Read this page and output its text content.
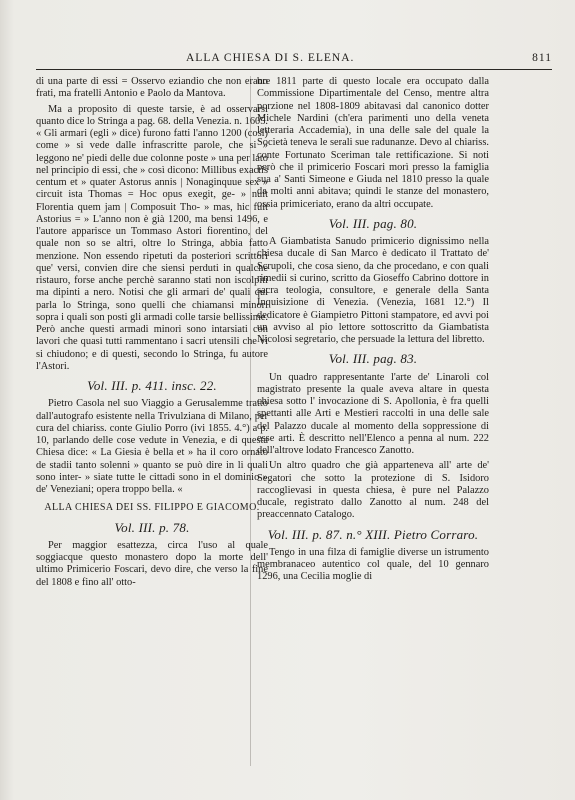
ALLA CHIESA DI S. ELENA.	811

di una parte di essi = Osservo eziandio che non erano frati, ma fratelli Antonio e Paolo da Mantova.

Ma a proposito di queste tarsie, è ad osservarsi quanto dice lo Stringa a pag. 68. della Venezia. n. 1605. « Gli armari (egli » dice) furono fatti l'anno 1200 (così) come » si vede dalle infrascritte parole, che si » leggono ne' piedi delle due colonne poste » una per lato nel principio di essi, che » così dicono: Millibus exactis centum et » quater Astorus annis | Nonaginquue sex » circuit ista Thomas = Hoc opus exegit, ge- » nuit Florentia quem jam | Composuit Tho- » mas, hic fuit Astorius = » L'anno non è già 1200, ma bensì 1496, e l'autore apparisce un Tommaso Astori fiorentino, del quale non so se altri, oltre lo Stringa, abbia fatto menzione. Non essendo ripetuti da posteriori scrittori que' versi, convien dire che siensi perduti in qualche ristauro, forse anche perchè saranno stati non iscolpiti ma dipinti a nero. Notisi che gli armari de' quali qui parla lo Stringa, sono quelli che chiamansi minori sopra i quali son posti gli armadi colle tarsie bellissime. Però anche questi armadi minori sono intarsiati con lavori che quasi tutti rammentano i sacri utensili che vi si chiudono; e di questi, secondo lo Stringa, fu autore l'Astori.

Vol. III. p. 411. insc. 22.

Pietro Casola nel suo Viaggio a Gerusalemme tratto dall'autografo esistente nella Trivulziana di Milano, per cura del chiariss. conte Giulio Porro (ivi 1855. 4.°) a p. 10, parlando delle cose vedute in Venezia, e di questa Chiesa dice: « La Giesia è bella et » ha il coro ornato de stadii tanto solenni » quanto se può dire in li quali sono inter- » siate tutte le cittadi sono in el dominio » de' Veneziani; opera troppo bella. «

ALLA CHIESA DEI SS. FILIPPO E GIACOMO.
Vol. III. p. 78.

Per maggior esattezza, circa l'uso al quale soggiacque questo monastero dopo la morte dell' ultimo Primicerio Foscari, devo dire, che verso la fine del 1808 e fino all' otto-

bre 1811 parte di questo locale era occupato dalla Commissione Dipartimentale del Censo, mentre altra porzione nel 1808-1809 abitavasi dal canonico dotter Michele Nardini (ch'era parimenti uno della veneta letteraria Accademia), in una delle sale del quale la Società teneva le serali sue radunanze. Devo al chiariss. conte Fortunato Sceriman tale rettificazione. Si noti però che il primicerio Foscari morì presso la famiglia sua a' Santi Simeone e Giuda nel 1810 presso la quale da molti anni abitava; quindi le stanze del monastero, ossia primiceriato, erano da altri occupate.

Vol. III. pag. 80.

A Giambatista Sanudo primicerio dignissimo nella chiesa ducale di San Marco è dedicato il Trattato de' Scrupoli, che cosa sieno, da che procedano, e con quali rimedii si curino, scritto da Gioseffo Cabrino dottore in sacra teologia, consultore, e generale della Santa Inquisizione di Venezia. (Venezia, 1681 12.°) Il dedicatore è Giampietro Pittoni stampatore, ed avvi poi un avviso al pio lettore sottoscritto da Giambatista Nicolosi segretario, che persuade la lettura del libretto.

Vol. III. pag. 83.

Un quadro rappresentante l'arte de' Linaroli col magistrato presente la quale aveva altare in questa chiesa sotto l' invocazione di S. Apollonia, è fra quelli spettanti alle Arti e Mestieri raccolti in una delle sale del Palazzo ducale al momento della soppressione di esse arti. È descritto nell'Elenco a penna al num. 222 dell'altrove lodato Francesco Zanotto.

Un altro quadro che già apparteneva all' arte de' Segatori che sotto la protezione di S. Isidoro raccoglievasi in questa chiesa, è pure nel Palazzo ducale, registrato dallo Zanotto al num. 248 del preaccennato Catalogo.

Vol. III. p. 87. n.° XIII. Pietro Corraro.

Tengo in una filza di famiglie diverse un istrumento membranaceo autentico col quale, del 10 gennaro 1296, una Cecilia moglie di
